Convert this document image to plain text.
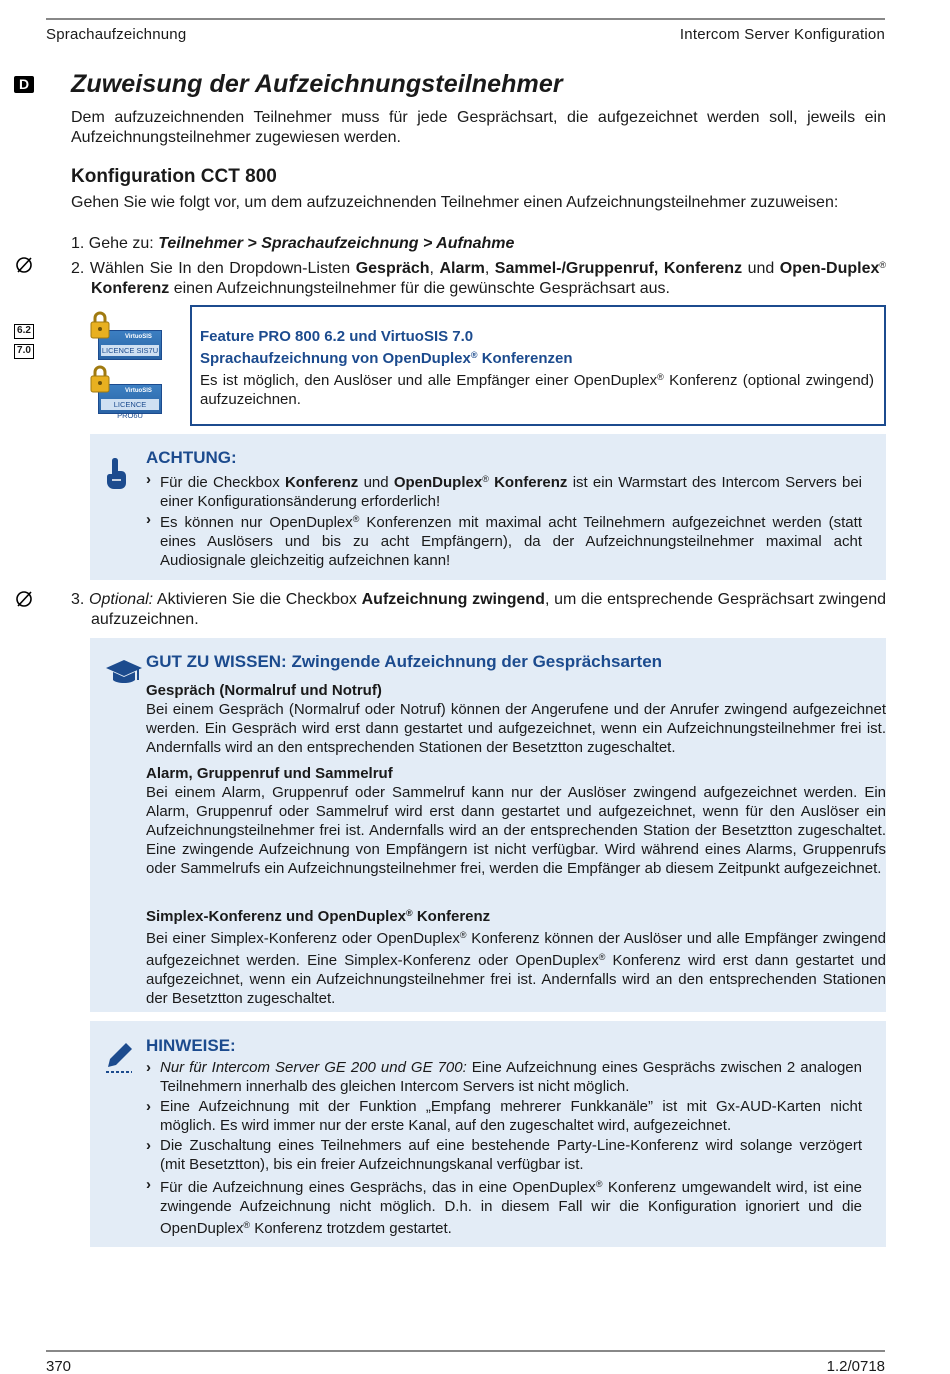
Sprachaufzeichnung	Intercom Server Konfiguration
D
6.2
7.0
Zuweisung der Aufzeichnungsteilnehmer
Dem aufzuzeichnenden Teilnehmer muss für jede Gesprächsart, die aufgezeichnet werden soll, jeweils ein Aufzeichnungsteilnehmer zugewiesen werden.
Konfiguration CCT 800
Gehen Sie wie folgt vor, um dem aufzuzeichnenden Teilnehmer einen Aufzeichnungsteilnehmer zuzuweisen:
1. Gehe zu: Teilnehmer > Sprachaufzeichnung > Aufnahme
2. Wählen Sie In den Dropdown-Listen Gespräch, Alarm, Sammel-/Gruppenruf, Konferenz und Open-Duplex® Konferenz einen Aufzeichnungsteilnehmer für die gewünschte Gesprächsart aus.
VirtuoSIS
LICENCE SIS7U
VirtuoSIS
LICENCE PRO6U
Feature PRO 800 6.2 und VirtuoSIS 7.0
Sprachaufzeichnung von OpenDuplex® Konferenzen
Es ist möglich, den Auslöser und alle Empfänger einer OpenDuplex® Konferenz (optional zwingend) aufzuzeichnen.
ACHTUNG:
› Für die Checkbox Konferenz und OpenDuplex® Konferenz ist ein Warmstart des Intercom Servers bei einer Konfigurationsänderung erforderlich!
› Es können nur OpenDuplex® Konferenzen mit maximal acht Teilnehmern aufgezeichnet werden (statt eines Auslösers und bis zu acht Empfängern), da der Aufzeichnungsteilnehmer maximal acht Audiosignale gleichzeitig aufzeichnen kann!
3. Optional: Aktivieren Sie die Checkbox Aufzeichnung zwingend, um die entsprechende Gesprächsart zwingend aufzuzeichnen.
GUT ZU WISSEN: Zwingende Aufzeichnung der Gesprächsarten
Gespräch (Normalruf und Notruf)
Bei einem Gespräch (Normalruf oder Notruf) können der Angerufene und der Anrufer zwingend aufgezeichnet werden. Ein Gespräch wird erst dann gestartet und aufgezeichnet, wenn ein Aufzeichnungsteilnehmer frei ist. Andernfalls wird an den entsprechenden Stationen der Besetztton zugeschaltet.
Alarm, Gruppenruf und Sammelruf
Bei einem Alarm, Gruppenruf oder Sammelruf kann nur der Auslöser zwingend aufgezeichnet werden. Ein Alarm, Gruppenruf oder Sammelruf wird erst dann gestartet und aufgezeichnet, wenn für den Auslöser ein Aufzeichnungsteilnehmer frei ist. Andernfalls wird an der entsprechenden Station der Besetztton zugeschaltet. Eine zwingende Aufzeichnung von Empfängern ist nicht verfügbar. Wird während eines Alarms, Gruppenrufs oder Sammelrufs ein Aufzeichnungsteilnehmer frei, werden die Empfänger ab diesem Zeitpunkt aufgezeichnet.
Simplex-Konferenz und OpenDuplex® Konferenz
Bei einer Simplex-Konferenz oder OpenDuplex® Konferenz können der Auslöser und alle Empfänger zwingend aufgezeichnet werden. Eine Simplex-Konferenz oder OpenDuplex® Konferenz wird erst dann gestartet und aufgezeichnet, wenn ein Aufzeichnungsteilnehmer frei ist. Andernfalls wird an den entsprechenden Stationen der Besetztton zugeschaltet.
HINWEISE:
› Nur für Intercom Server GE 200 und GE 700: Eine Aufzeichnung eines Gesprächs zwischen 2 analogen Teilnehmern innerhalb des gleichen Intercom Servers ist nicht möglich.
› Eine Aufzeichnung mit der Funktion „Empfang mehrerer Funkkanäle” ist mit Gx-AUD-Karten nicht möglich. Es wird immer nur der erste Kanal, auf den zugeschaltet wird, aufgezeichnet.
› Die Zuschaltung eines Teilnehmers auf eine bestehende Party-Line-Konferenz wird solange verzögert (mit Besetztton), bis ein freier Aufzeichnungskanal verfügbar ist.
› Für die Aufzeichnung eines Gesprächs, das in eine OpenDuplex® Konferenz umgewandelt wird, ist eine zwingende Aufzeichnung nicht möglich. D.h. in diesem Fall wir die Konfiguration ignoriert und die OpenDuplex® Konferenz trotzdem gestartet.
370	1.2/0718
